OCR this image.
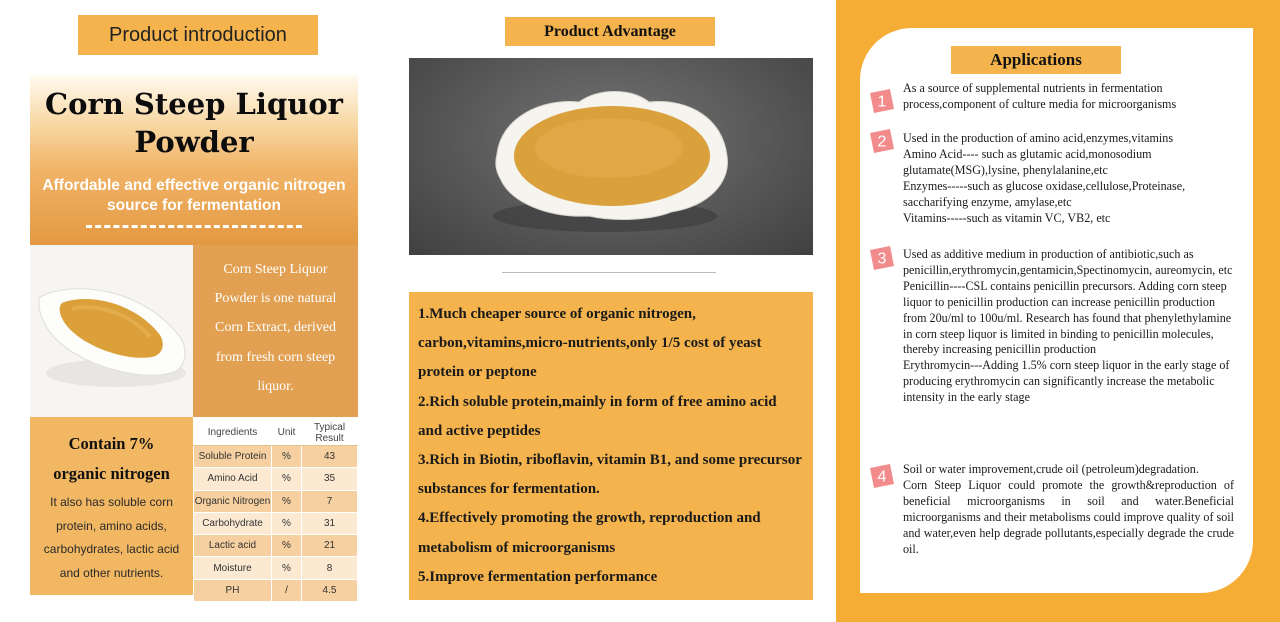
Product introduction
Corn Steep Liquor
Powder
Affordable and effective organic nitrogen source for fermentation

Corn Steep Liquor Powder is one natural Corn Extract, derived from fresh corn steep liquor.

Contain 7%
organic nitrogen

It also has soluble corn protein, amino acids, carbohydrates, lactic acid and other nutrients.

Ingredients	Unit	Typical Result
Soluble Protein	%	43
Amino Acid	%	35
Organic Nitrogen	%	7
Carbohydrate	%	31
Lactic acid	%	21
Moisture	%	8
PH	/	4.5
Product Advantage

1.Much cheaper source of organic nitrogen, carbon,vitamins,micro-nutrients,only 1/5 cost of yeast protein or peptone

2.Rich soluble protein,mainly in form of free amino acid and active peptides

3.Rich in Biotin, riboflavin, vitamin B1, and some precursor substances for fermentation.

4.Effectively promoting the growth, reproduction and metabolism of microorganisms

5.Improve fermentation performance

Applications
1
As a source of supplemental nutrients in fermentation process,component of culture media for microorganisms
2 Used in the production of amino acid,enzymes,vitamins
Amino Acid---- such as glutamic acid,monosodium glutamate(MSG),lysine, phenylalanine,etc
Enzymes-----such as glucose oxidase,cellulose,Proteinase, saccharifying enzyme, amylase,etc
Vitamins-----such as vitamin VC, VB2, etc
3 Used as additive medium in production of antibiotic,such as penicillin,erythromycin,gentamicin,Spectinomycin, aureomycin, etc
Penicillin----CSL contains penicillin precursors. Adding corn steep liquor to penicillin production can increase penicillin production from 20u/ml to 100u/ml. Research has found that phenylethylamine in corn steep liquor is limited in binding to penicillin molecules, thereby increasing penicillin production
Erythromycin---Adding 1.5% corn steep liquor in the early stage of producing erythromycin can significantly increase the metabolic intensity in the early stage
4 Soil or water improvement,crude oil (petroleum)degradation.
Corn Steep Liquor could promote the growth&reproduction of beneficial microorganisms in soil and water.Beneficial microorganisms and their metabolisms could improve quality of soil and water,even help degrade pollutants,especially degrade the crude oil.
